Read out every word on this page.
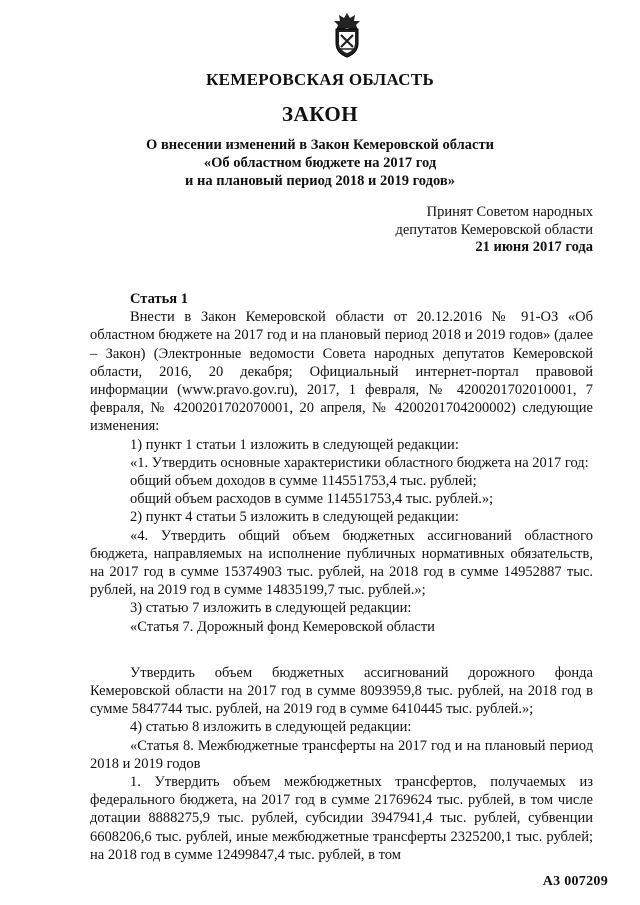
КЕМЕРОВСКАЯ ОБЛАСТЬ
ЗАКОН
О внесении изменений в Закон Кемеровской области
«Об областном бюджете на 2017 год
и на плановый период 2018 и 2019 годов»
Принят Советом народных
депутатов Кемеровской области
21 июня 2017 года

Статья 1

Внести в Закон Кемеровской области от 20.12.2016 № 91-ОЗ «Об областном бюджете на 2017 год и на плановый период 2018 и 2019 годов» (далее – Закон) (Электронные ведомости Совета народных депутатов Кемеровской области, 2016, 20 декабря; Официальный интернет-портал правовой информации (www.pravo.gov.ru), 2017, 1 февраля, № 4200201702010001, 7 февраля, № 4200201702070001, 20 апреля, № 4200201704200002) следующие изменения:

1) пункт 1 статьи 1 изложить в следующей редакции:

«1. Утвердить основные характеристики областного бюджета на 2017 год:

общий объем доходов в сумме 114551753,4 тыс. рублей;

общий объем расходов в сумме 114551753,4 тыс. рублей.»;

2) пункт 4 статьи 5 изложить в следующей редакции:

«4. Утвердить общий объем бюджетных ассигнований областного бюджета, направляемых на исполнение публичных нормативных обязательств, на 2017 год в сумме 15374903 тыс. рублей, на 2018 год в сумме 14952887 тыс. рублей, на 2019 год в сумме 14835199,7 тыс. рублей.»;

3) статью 7 изложить в следующей редакции:

«Статья 7. Дорожный фонд Кемеровской области

Утвердить объем бюджетных ассигнований дорожного фонда Кемеровской области на 2017 год в сумме 8093959,8 тыс. рублей, на 2018 год в сумме 5847744 тыс. рублей, на 2019 год в сумме 6410445 тыс. рублей.»;

4) статью 8 изложить в следующей редакции:

«Статья 8. Межбюджетные трансферты на 2017 год и на плановый период 2018 и 2019 годов

1. Утвердить объем межбюджетных трансфертов, получаемых из федерального бюджета, на 2017 год в сумме 21769624 тыс. рублей, в том числе дотации 8888275,9 тыс. рублей, субсидии 3947941,4 тыс. рублей, субвенции 6608206,6 тыс. рублей, иные межбюджетные трансферты 2325200,1 тыс. рублей; на 2018 год в сумме 12499847,4 тыс. рублей, в том

А3 007209
